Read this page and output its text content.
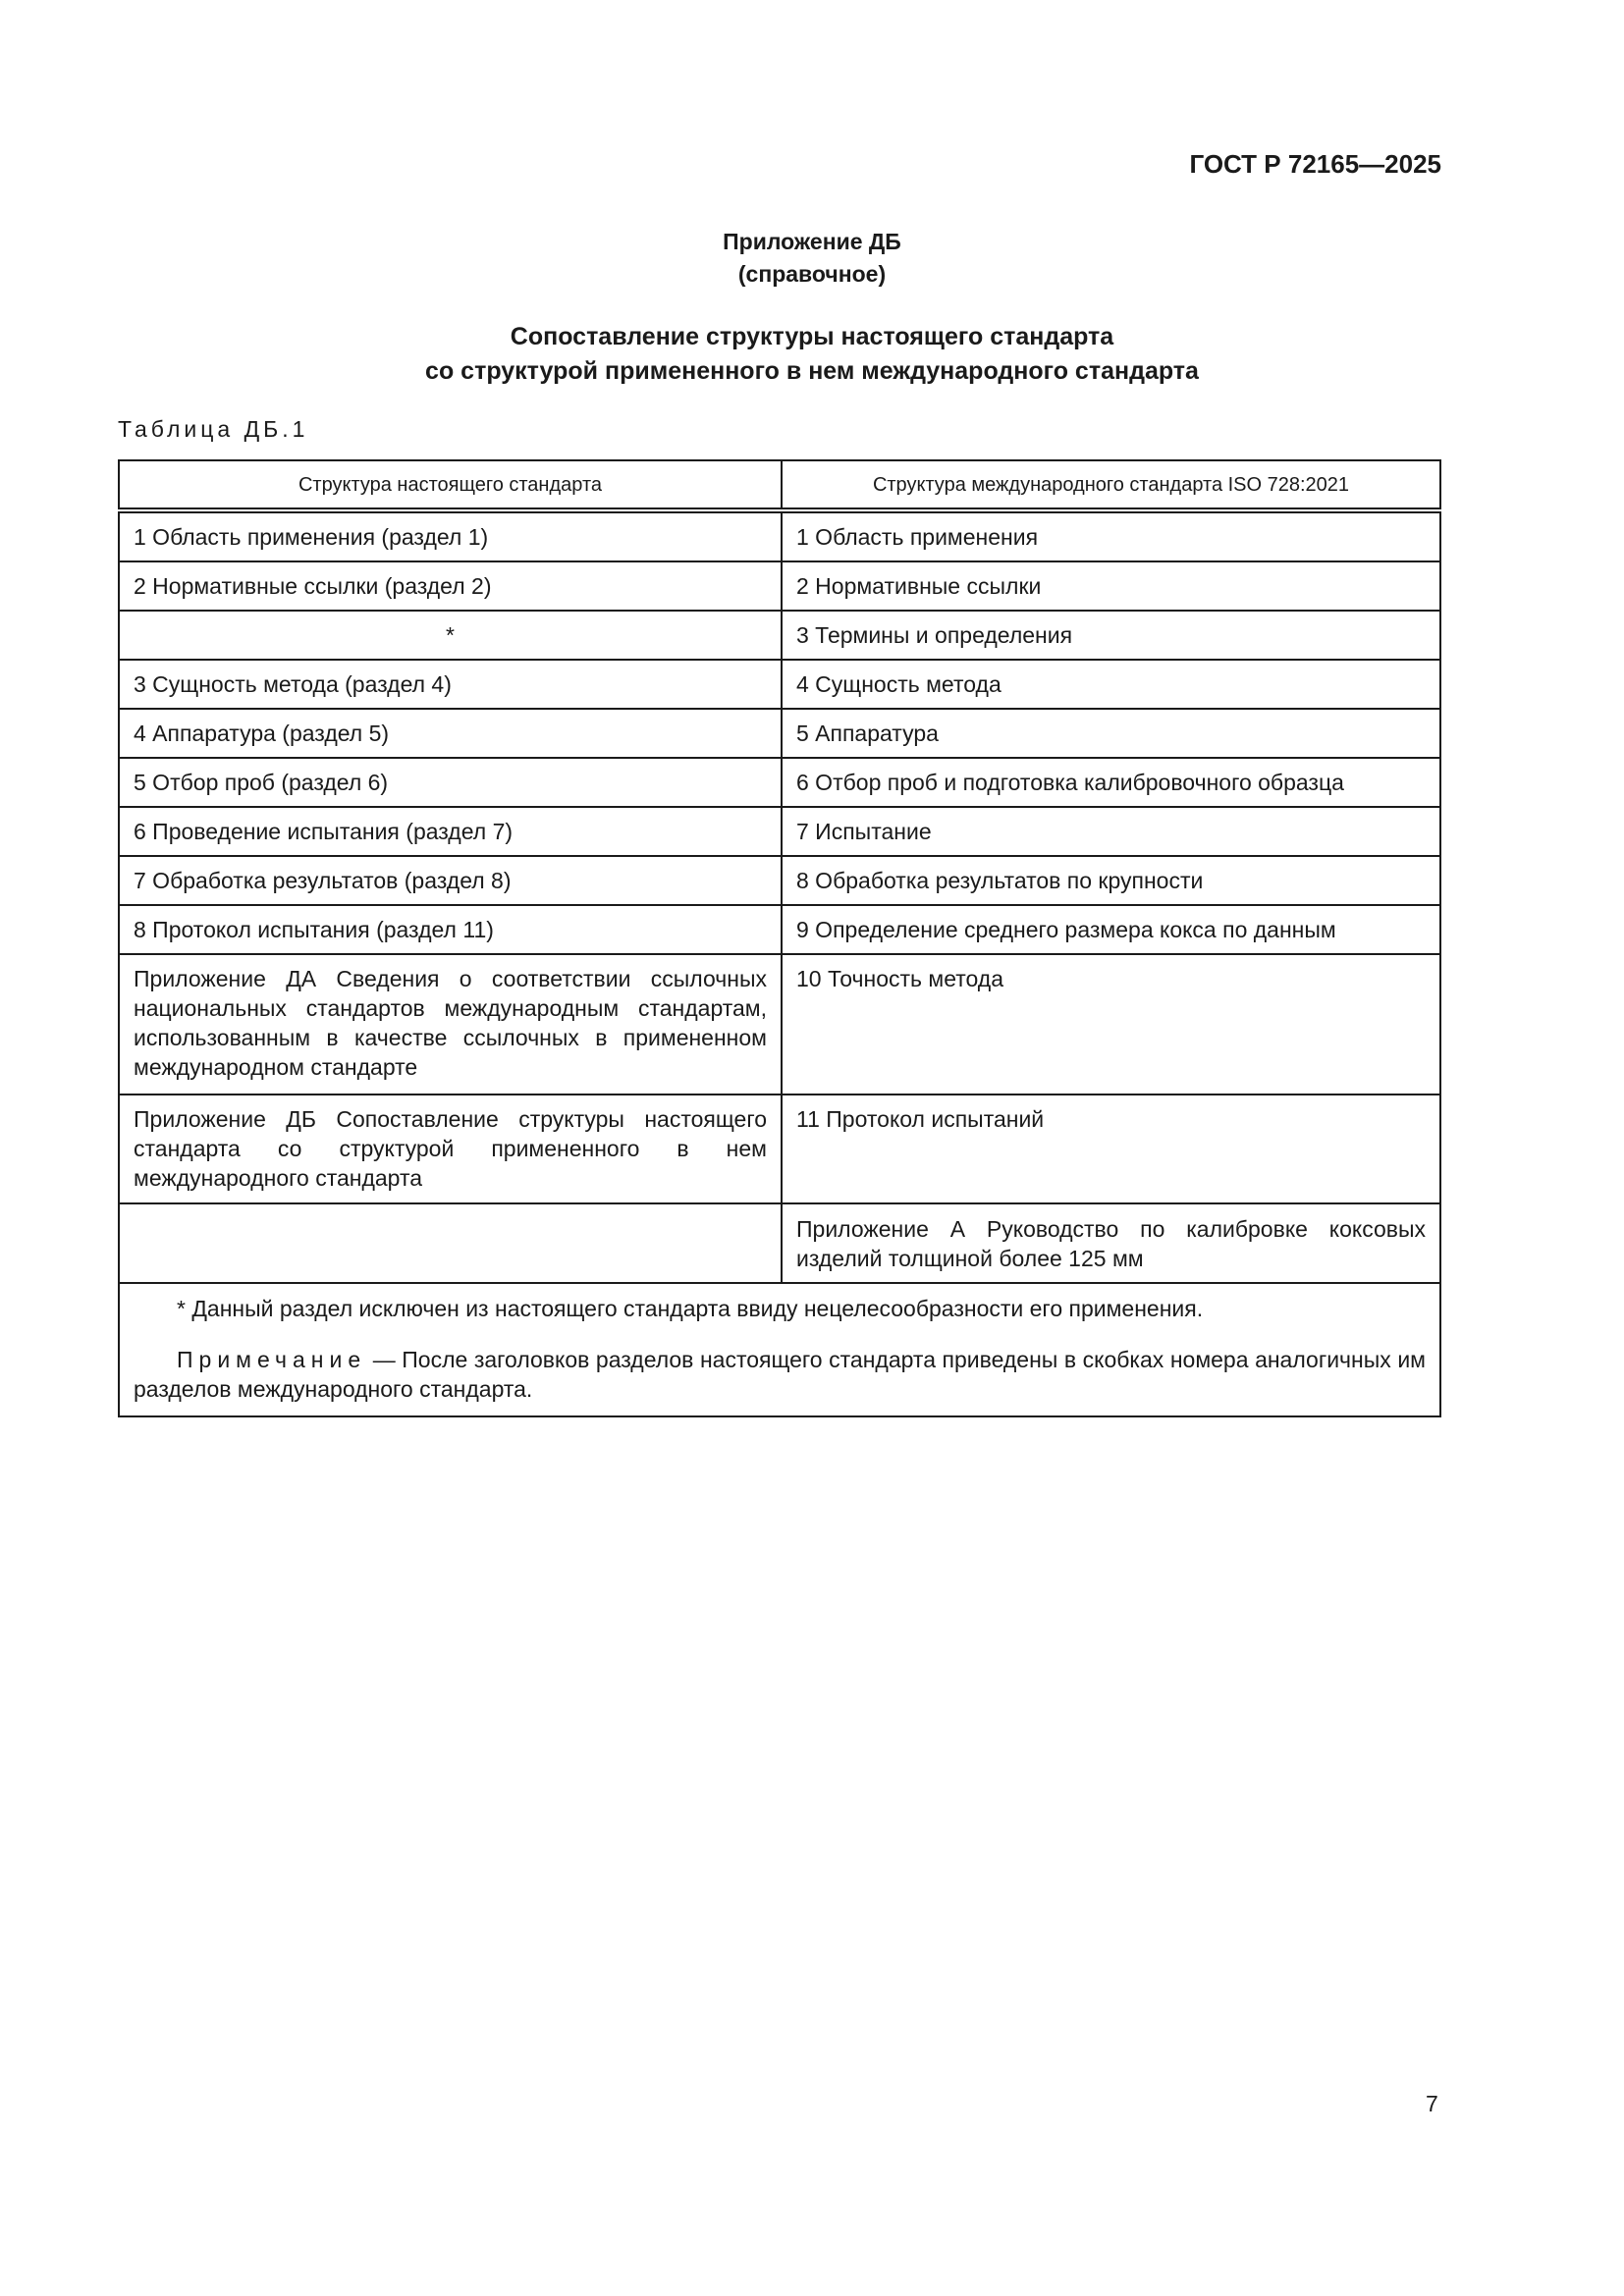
ГОСТ Р 72165—2025
Приложение ДБ
(справочное)
Сопоставление структуры настоящего стандарта
со структурой примененного в нем международного стандарта
Таблица ДБ.1
Структура настоящего стандарта	Структура международного стандарта ISO 728:2021
1 Область применения (раздел 1)	1 Область применения
2 Нормативные ссылки (раздел 2)	2 Нормативные ссылки
*	3 Термины и определения
3 Сущность метода (раздел 4)	4 Сущность метода
4 Аппаратура (раздел 5)	5 Аппаратура
5 Отбор проб (раздел 6)	6 Отбор проб и подготовка калибровочного образца
6 Проведение испытания (раздел 7)	7 Испытание
7 Обработка результатов (раздел 8)	8 Обработка результатов по крупности
8 Протокол испытания (раздел 11)	9 Определение среднего размера кокса по данным
Приложение ДА Сведения о соответствии ссылочных национальных стандартов международным стандартам, использованным в качестве ссылочных в примененном международном стандарте	10 Точность метода
Приложение ДБ Сопоставление структуры настоящего стандарта со структурой примененного в нем международного стандарта	11 Протокол испытаний
	Приложение А Руководство по калибровке коксовых изделий толщиной более 125 мм

* Данный раздел исключен из настоящего стандарта ввиду нецелесообразности его применения.

Примечание — После заголовков разделов настоящего стандарта приведены в скобках номера аналогичных им разделов международного стандарта.	

7
